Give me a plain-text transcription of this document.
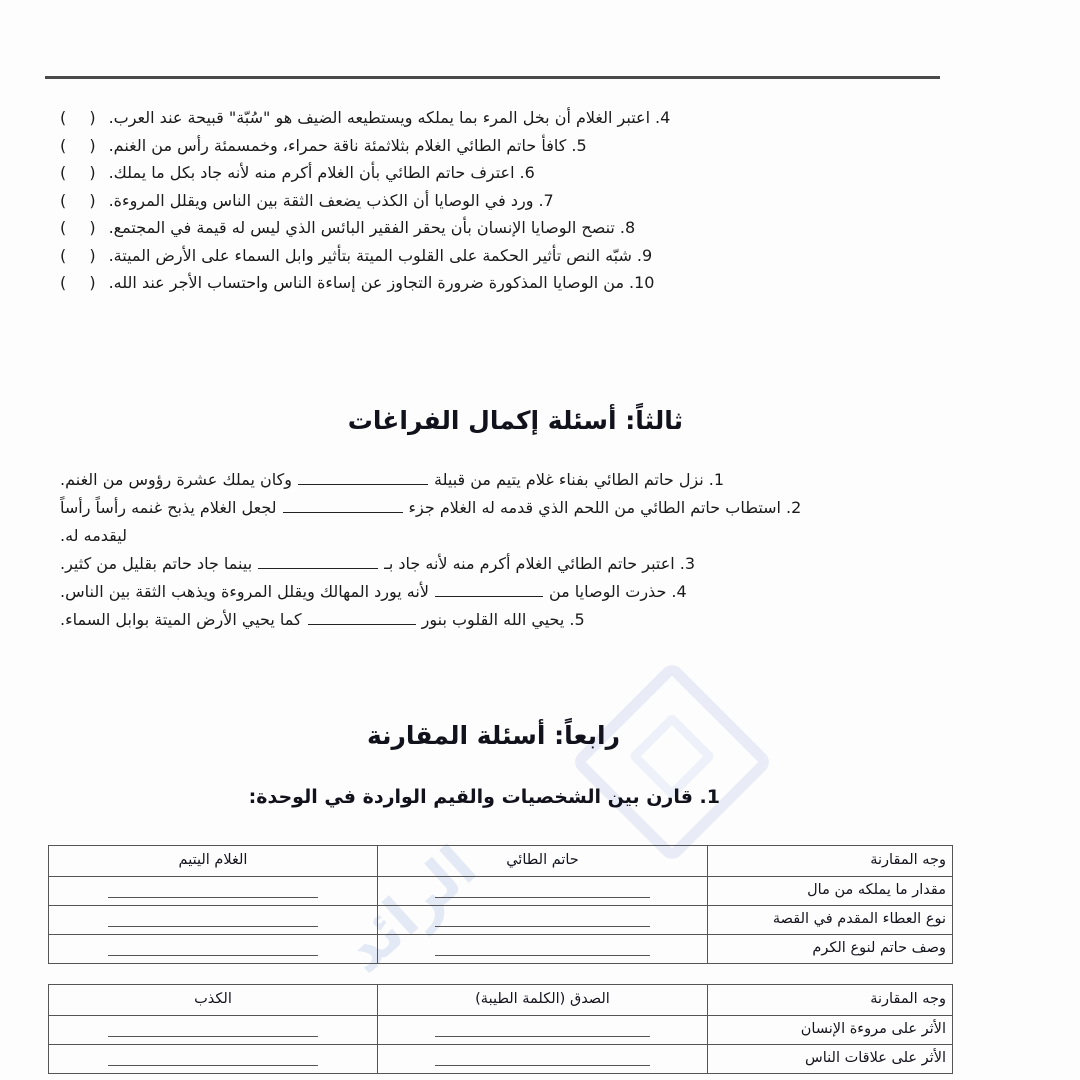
الرائد
4.
اعتبر الغلام أن بخل المرء بما يملكه ويستطيعه الضيف هو "سُبّة" قبيحة عند العرب.
( )
5.
كافأ حاتم الطائي الغلام بثلاثمئة ناقة حمراء، وخمسمئة رأس من الغنم.
( )
6.
اعترف حاتم الطائي بأن الغلام أكرم منه لأنه جاد بكل ما يملك.
( )
7.
ورد في الوصايا أن الكذب يضعف الثقة بين الناس ويقلل المروءة.
( )
8.
تنصح الوصايا الإنسان بأن يحقر الفقير البائس الذي ليس له قيمة في المجتمع.
( )
9.
شبّه النص تأثير الحكمة على القلوب الميتة بتأثير وابل السماء على الأرض الميتة.
( )
10.
من الوصايا المذكورة ضرورة التجاوز عن إساءة الناس واحتساب الأجر عند الله.
( )
ثالثاً: أسئلة إكمال الفراغات
1.
نزل حاتم الطائي بفناء غلام يتيم من قبيلة
وكان يملك عشرة رؤوس من الغنم.
2.
استطاب حاتم الطائي من اللحم الذي قدمه له الغلام جزء
لجعل الغلام يذبح غنمه رأساً رأساً
ليقدمه له.
3.
اعتبر حاتم الطائي الغلام أكرم منه لأنه جاد بـ
بينما جاد حاتم بقليل من كثير.
4.
حذرت الوصايا من
لأنه يورد المهالك ويقلل المروءة ويذهب الثقة بين الناس.
5.
يحيي الله القلوب بنور
كما يحيي الأرض الميتة بوابل السماء.
رابعاً: أسئلة المقارنة
1. قارن بين الشخصيات والقيم الواردة في الوحدة:
وجه المقارنة	حاتم الطائي	الغلام اليتيم
مقدار ما يملكه من مال		
نوع العطاء المقدم في القصة		
وصف حاتم لنوع الكرم		
وجه المقارنة	الصدق (الكلمة الطيبة)	الكذب
الأثر على مروءة الإنسان		
الأثر على علاقات الناس		
